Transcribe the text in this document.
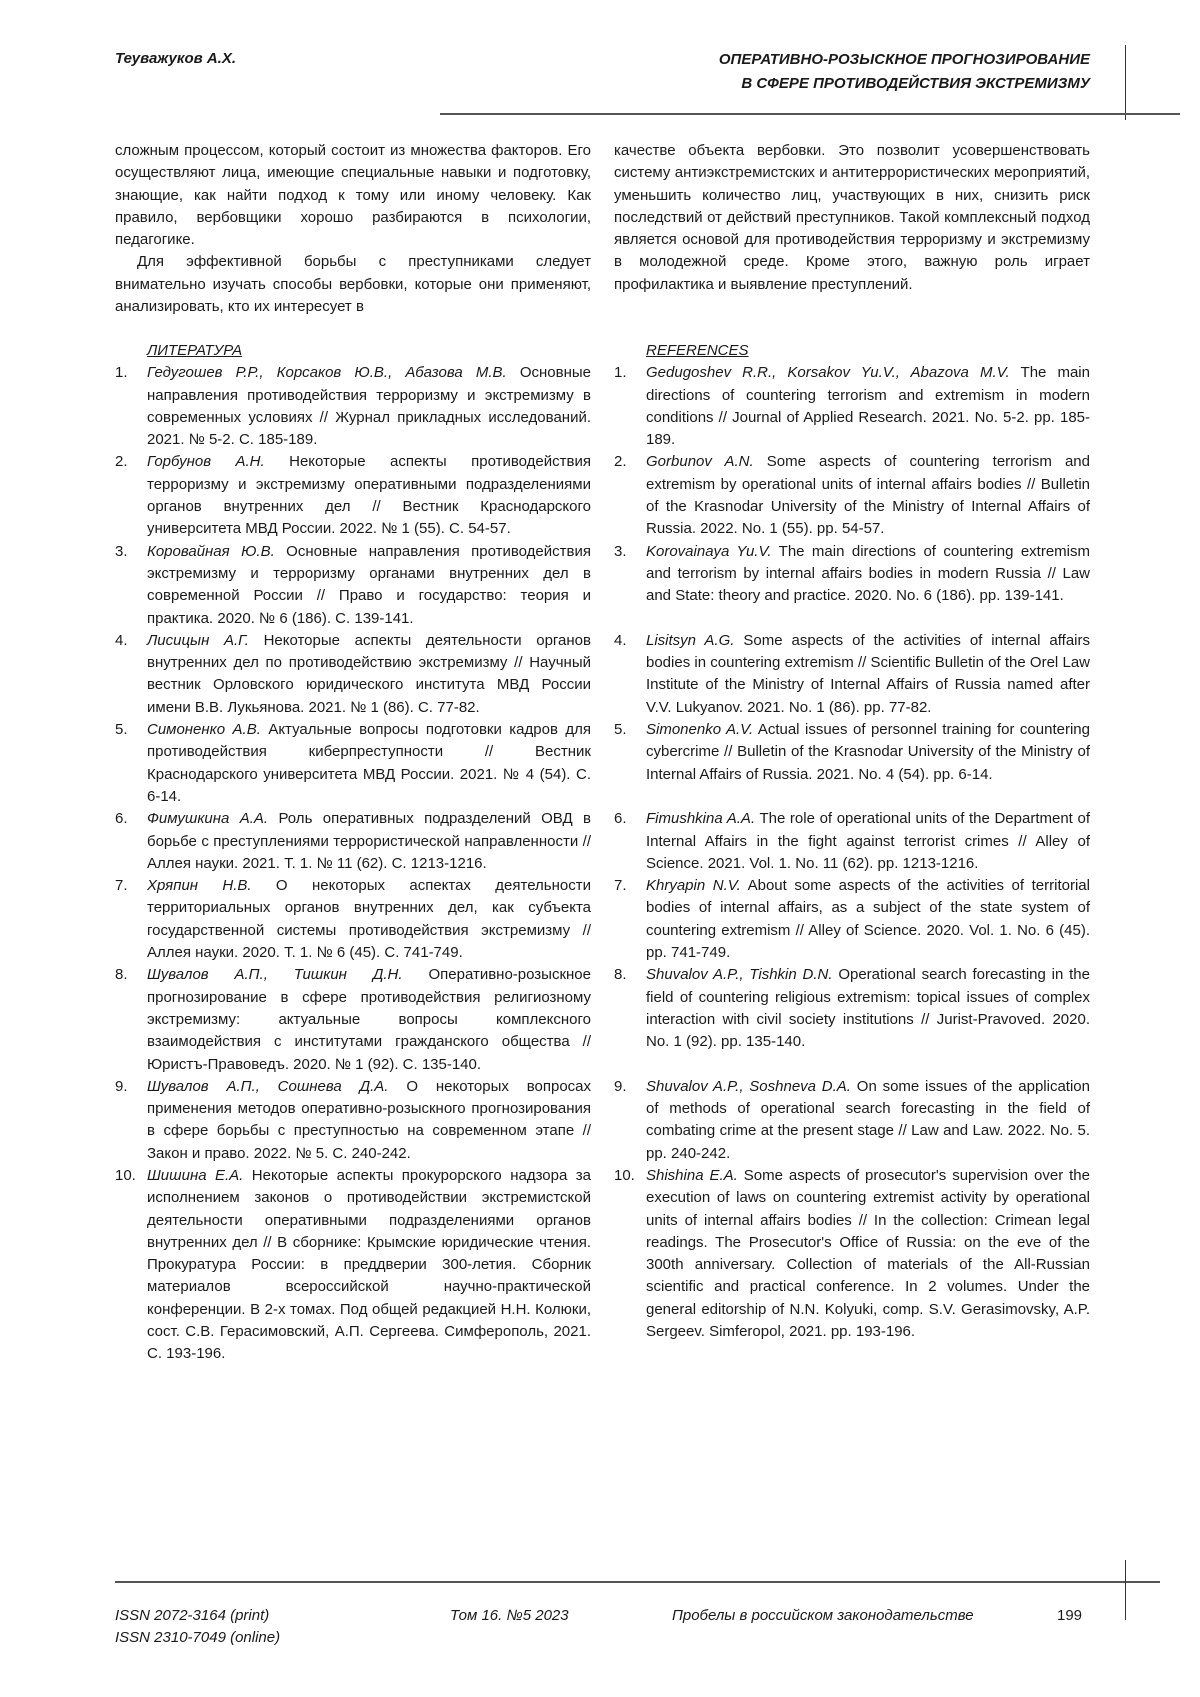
Теуважуков А.Х.	ОПЕРАТИВНО-РОЗЫСКНОЕ ПРОГНОЗИРОВАНИЕ
В СФЕРЕ ПРОТИВОДЕЙСТВИЯ ЭКСТРЕМИЗМУ

сложным процессом, который состоит из множества факторов. Его осуществляют лица, имеющие специальные навыки и подготовку, знающие, как найти подход к тому или иному человеку. Как правило, вербовщики хорошо разбираются в психологии, педагогике.

Для эффективной борьбы с преступниками следует внимательно изучать способы вербовки, которые они применяют, анализировать, кто их интересует в

качестве объекта вербовки. Это позволит усовершенствовать систему антиэкстремистских и антитеррористических мероприятий, уменьшить количество лиц, участвующих в них, снизить риск последствий от действий преступников. Такой комплексный подход является основой для противодействия терроризму и экстремизму в молодежной среде. Кроме этого, важную роль играет профилактика и выявление преступлений.

ЛИТЕРАТУРА	REFERENCES
1.	Гедугошев Р.Р., Корсаков Ю.В., Абазова М.В. Основные направления противодействия терроризму и экстремизму в современных условиях // Журнал прикладных исследований. 2021. № 5-2. С. 185-189.
1.	Gedugoshev R.R., Korsakov Yu.V., Abazova M.V. The main directions of countering terrorism and extremism in modern conditions // Journal of Applied Research. 2021. No. 5-2. pp. 185-189.
2.	Горбунов А.Н. Некоторые аспекты противодействия терроризму и экстремизму оперативными подразделениями органов внутренних дел // Вестник Краснодарского университета МВД России. 2022. № 1 (55). С. 54-57.
2.	Gorbunov A.N. Some aspects of countering terrorism and extremism by operational units of internal affairs bodies // Bulletin of the Krasnodar University of the Ministry of Internal Affairs of Russia. 2022. No. 1 (55). pp. 54-57.
3.	Коровайная Ю.В. Основные направления противодействия экстремизму и терроризму органами внутренних дел в современной России // Право и государство: теория и практика. 2020. № 6 (186). С. 139-141.
3.	Korovainaya Yu.V. The main directions of countering extremism and terrorism by internal affairs bodies in modern Russia // Law and State: theory and practice. 2020. No. 6 (186). pp. 139-141.
4.	Лисицын А.Г. Некоторые аспекты деятельности органов внутренних дел по противодействию экстремизму // Научный вестник Орловского юридического института МВД России имени В.В. Лукьянова. 2021. № 1 (86). С. 77-82.
4.	Lisitsyn A.G. Some aspects of the activities of internal affairs bodies in countering extremism // Scientific Bulletin of the Orel Law Institute of the Ministry of Internal Affairs of Russia named after V.V. Lukyanov. 2021. No. 1 (86). pp. 77-82.
5.	Симоненко А.В. Актуальные вопросы подготовки кадров для противодействия киберпреступности // Вестник Краснодарского университета МВД России. 2021. № 4 (54). С. 6-14.
5.	Simonenko A.V. Actual issues of personnel training for countering cybercrime // Bulletin of the Krasnodar University of the Ministry of Internal Affairs of Russia. 2021. No. 4 (54). pp. 6-14.
6.	Фимушкина А.А. Роль оперативных подразделений ОВД в борьбе с преступлениями террористической направленности // Аллея науки. 2021. Т. 1. № 11 (62). С. 1213-1216.
6.	Fimushkina A.A. The role of operational units of the Department of Internal Affairs in the fight against terrorist crimes // Alley of Science. 2021. Vol. 1. No. 11 (62). pp. 1213-1216.
7.	Хряпин Н.В. О некоторых аспектах деятельности территориальных органов внутренних дел, как субъекта государственной системы противодействия экстремизму // Аллея науки. 2020. Т. 1. № 6 (45). С. 741-749.
7.	Khryapin N.V. About some aspects of the activities of territorial bodies of internal affairs, as a subject of the state system of countering extremism // Alley of Science. 2020. Vol. 1. No. 6 (45). pp. 741-749.
8.	Шувалов А.П., Тишкин Д.Н. Оперативно-розыскное прогнозирование в сфере противодействия религиозному экстремизму: актуальные вопросы комплексного взаимодействия с институтами гражданского общества // Юристъ-Правоведъ. 2020. № 1 (92). С. 135-140.
8.	Shuvalov A.P., Tishkin D.N. Operational search forecasting in the field of countering religious extremism: topical issues of complex interaction with civil society institutions // Jurist-Pravoved. 2020. No. 1 (92). pp. 135-140.
9.	Шувалов А.П., Сошнева Д.А. О некоторых вопросах применения методов оперативно-розыскного прогнозирования в сфере борьбы с преступностью на современном этапе // Закон и право. 2022. № 5. С. 240-242.
9.	Shuvalov A.P., Soshneva D.A. On some issues of the application of methods of operational search forecasting in the field of combating crime at the present stage // Law and Law. 2022. No. 5. pp. 240-242.
10. Шишина Е.А. Некоторые аспекты прокурорского надзора за исполнением законов о противодействии экстремистской деятельности оперативными подразделениями органов внутренних дел // В сборнике: Крымские юридические чтения. Прокуратура России: в преддверии 300-летия. Сборник материалов всероссийской научно-практической конференции. В 2-х томах. Под общей редакцией Н.Н. Колюки, сост. С.В. Герасимовский, А.П. Сергеева. Симферополь, 2021. С. 193-196.
10. Shishina E.A. Some aspects of prosecutor's supervision over the execution of laws on countering extremist activity by operational units of internal affairs bodies // In the collection: Crimean legal readings. The Prosecutor's Office of Russia: on the eve of the 300th anniversary. Collection of materials of the All-Russian scientific and practical conference. In 2 volumes. Under the general editorship of N.N. Kolyuki, comp. S.V. Gerasimovsky, A.P. Sergeev. Simferopol, 2021. pp. 193-196.
ISSN 2072-3164 (print)
ISSN 2310-7049 (online)
Том 16. №5 2023	Пробелы в российском законодательстве	199
